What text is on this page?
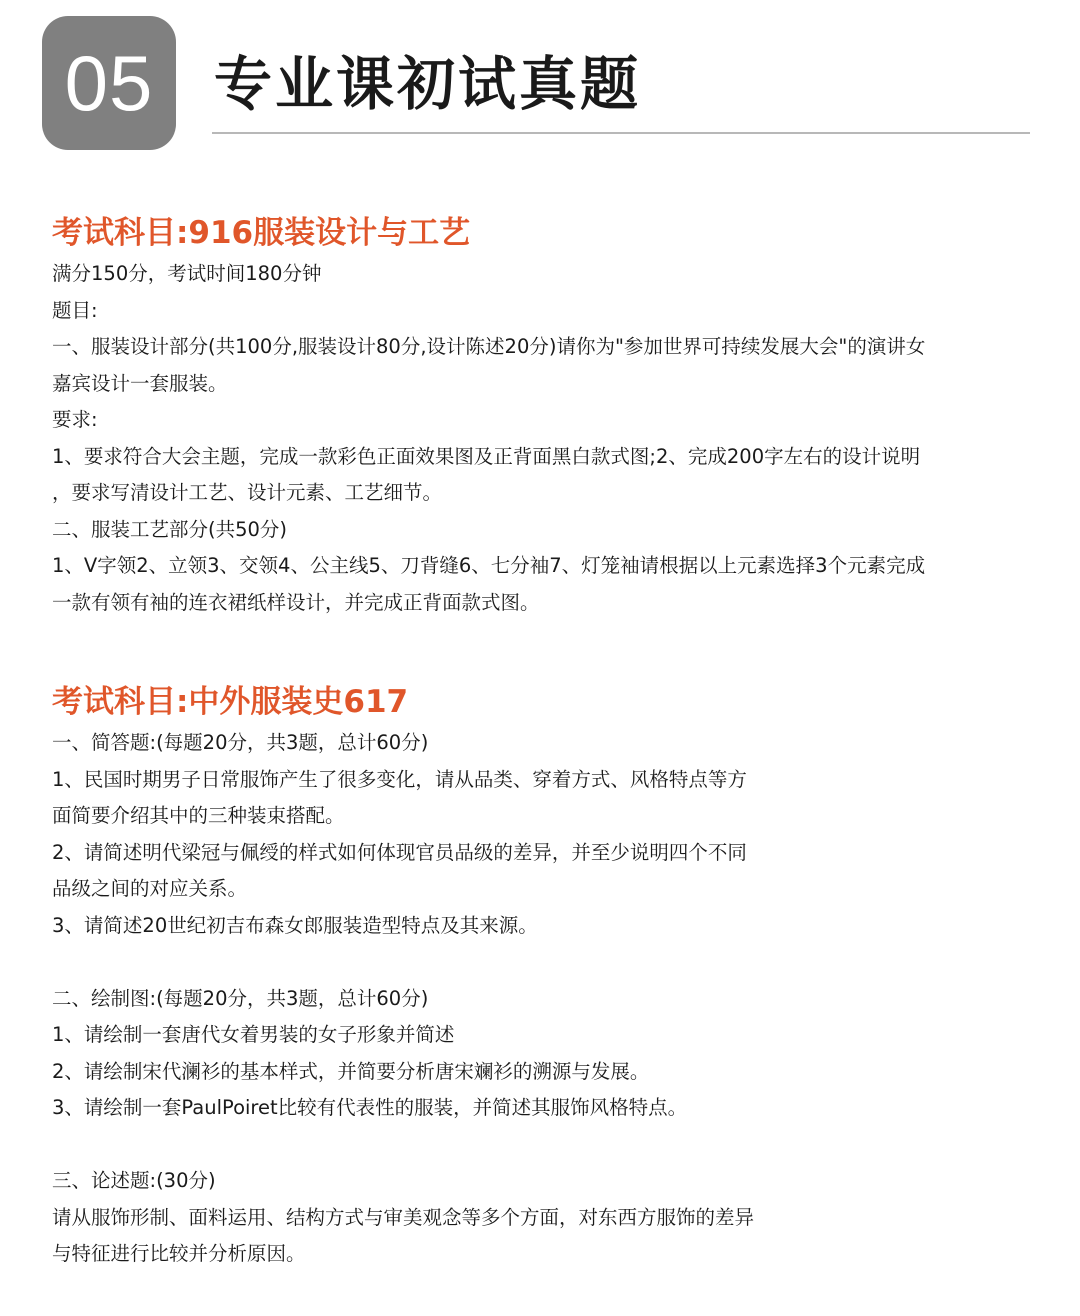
05	专业课初试真题
考试科目:916服装设计与工艺
满分150分，考试时间180分钟
题目:
一、服装设计部分(共100分,服装设计80分,设计陈述20分)请你为"参加世界可持续发展大会"的演讲女
嘉宾设计一套服装。
要求:
1、要求符合大会主题，完成一款彩色正面效果图及正背面黑白款式图;2、完成200字左右的设计说明
，要求写清设计工艺、设计元素、工艺细节。
二、服装工艺部分(共50分)
1、V字领2、立领3、交领4、公主线5、刀背缝6、七分袖7、灯笼袖请根据以上元素选择3个元素完成
一款有领有袖的连衣裙纸样设计，并完成正背面款式图。
考试科目:中外服装史617
一、简答题:(每题20分，共3题，总计60分)
1、民国时期男子日常服饰产生了很多变化，请从品类、穿着方式、风格特点等方
面简要介绍其中的三种装束搭配。
2、请简述明代梁冠与佩绶的样式如何体现官员品级的差异，并至少说明四个不同
品级之间的对应关系。
3、请简述20世纪初吉布森女郎服装造型特点及其来源。
二、绘制图:(每题20分，共3题，总计60分)
1、请绘制一套唐代女着男装的女子形象并简述
2、请绘制宋代澜衫的基本样式，并简要分析唐宋斓衫的溯源与发展。
3、请绘制一套PaulPoiret比较有代表性的服装，并简述其服饰风格特点。
三、论述题:(30分)
请从服饰形制、面料运用、结构方式与审美观念等多个方面，对东西方服饰的差异
与特征进行比较并分析原因。
